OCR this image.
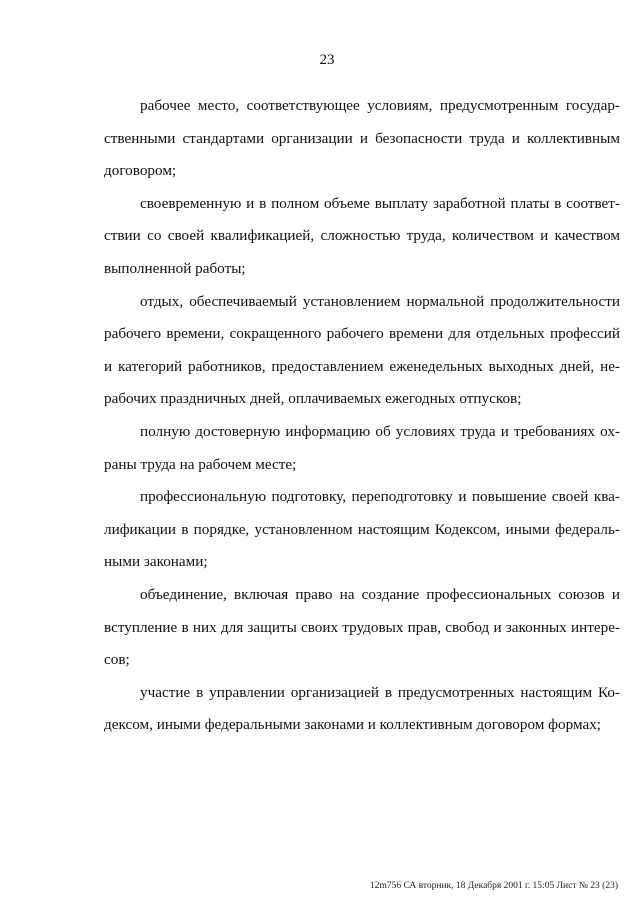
23
рабочее место, соответствующее условиям, предусмотренным государ-
ственными стандартами организации и безопасности труда и коллективным
договором;
своевременную и в полном объеме выплату заработной платы в соответ-
ствии со своей квалификацией, сложностью труда, количеством и качеством
выполненной работы;
отдых, обеспечиваемый установлением нормальной продолжительности
рабочего времени, сокращенного рабочего времени для отдельных профессий
и категорий работников, предоставлением еженедельных выходных дней, не-
рабочих праздничных дней, оплачиваемых ежегодных отпусков;
полную достоверную информацию об условиях труда и требованиях ох-
раны труда на рабочем месте;
профессиональную подготовку, переподготовку и повышение своей ква-
лификации в порядке, установленном настоящим Кодексом, иными федераль-
ными законами;
объединение, включая право на создание профессиональных союзов и
вступление в них для защиты своих трудовых прав, свобод и законных интере-
сов;
участие в управлении организацией в предусмотренных настоящим Ко-
дексом, иными федеральными законами и коллективным договором формах;
12m756 СА вторник, 18 Декабря 2001 г. 15:05 Лист № 23 (23)
